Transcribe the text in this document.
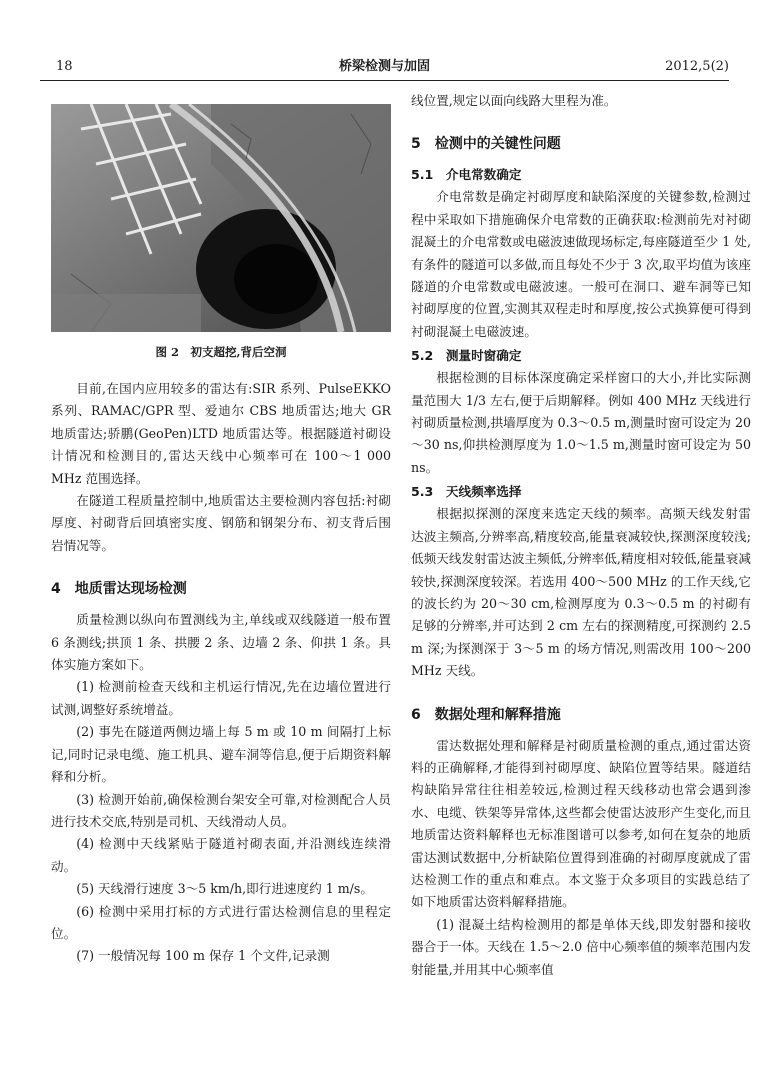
18	桥梁检测与加固	2012,5(2)
图 2　初支超挖,背后空洞

目前,在国内应用较多的雷达有:SIR 系列、PulseEKKO 系列、RAMAC/GPR 型、爱迪尔 CBS 地质雷达;地大 GR 地质雷达;骄鹏(GeoPen)LTD 地质雷达等。根据隧道衬砌设计情况和检测目的,雷达天线中心频率可在 100～1 000 MHz 范围选择。

在隧道工程质量控制中,地质雷达主要检测内容包括:衬砌厚度、衬砌背后回填密实度、钢筋和钢架分布、初支背后围岩情况等。

4　地质雷达现场检测

质量检测以纵向布置测线为主,单线或双线隧道一般布置 6 条测线;拱顶 1 条、拱腰 2 条、边墙 2 条、仰拱 1 条。具体实施方案如下。

(1) 检测前检查天线和主机运行情况,先在边墙位置进行试测,调整好系统增益。

(2) 事先在隧道两侧边墙上每 5 m 或 10 m 间隔打上标记,同时记录电缆、施工机具、避车洞等信息,便于后期资料解释和分析。

(3) 检测开始前,确保检测台架安全可靠,对检测配合人员进行技术交底,特别是司机、天线滑动人员。

(4) 检测中天线紧贴于隧道衬砌表面,并沿测线连续滑动。

(5) 天线滑行速度 3～5 km/h,即行进速度约 1 m/s。

(6) 检测中采用打标的方式进行雷达检测信息的里程定位。

(7) 一般情况每 100 m 保存 1 个文件,记录测

线位置,规定以面向线路大里程为准。

5　检测中的关键性问题
5.1　介电常数确定

介电常数是确定衬砌厚度和缺陷深度的关键参数,检测过程中采取如下措施确保介电常数的正确获取:检测前先对衬砌混凝土的介电常数或电磁波速做现场标定,每座隧道至少 1 处,有条件的隧道可以多做,而且每处不少于 3 次,取平均值为该座隧道的介电常数或电磁波速。一般可在洞口、避车洞等已知衬砌厚度的位置,实测其双程走时和厚度,按公式换算便可得到衬砌混凝土电磁波速。

5.2　测量时窗确定

根据检测的目标体深度确定采样窗口的大小,并比实际测量范围大 1/3 左右,便于后期解释。例如 400 MHz 天线进行衬砌质量检测,拱墙厚度为 0.3～0.5 m,测量时窗可设定为 20～30 ns,仰拱检测厚度为 1.0～1.5 m,测量时窗可设定为 50 ns。

5.3　天线频率选择

根据拟探测的深度来选定天线的频率。高频天线发射雷达波主频高,分辨率高,精度较高,能量衰减较快,探测深度较浅;低频天线发射雷达波主频低,分辨率低,精度相对较低,能量衰减较快,探测深度较深。若选用 400～500 MHz 的工作天线,它的波长约为 20～30 cm,检测厚度为 0.3～0.5 m 的衬砌有足够的分辨率,并可达到 2 cm 左右的探测精度,可探测约 2.5 m 深;为探测深于 3～5 m 的场方情况,则需改用 100～200 MHz 天线。

6　数据处理和解释措施

雷达数据处理和解释是衬砌质量检测的重点,通过雷达资料的正确解释,才能得到衬砌厚度、缺陷位置等结果。隧道结构缺陷异常往往相差较远,检测过程天线移动也常会遇到渗水、电缆、铁架等异常体,这些都会使雷达波形产生变化,而且地质雷达资料解释也无标准图谱可以参考,如何在复杂的地质雷达测试数据中,分析缺陷位置得到准确的衬砌厚度就成了雷达检测工作的重点和难点。本文鉴于众多项目的实践总结了如下地质雷达资料解释措施。

(1) 混凝土结构检测用的都是单体天线,即发射器和接收器合于一体。天线在 1.5～2.0 倍中心频率值的频率范围内发射能量,并用其中心频率值
